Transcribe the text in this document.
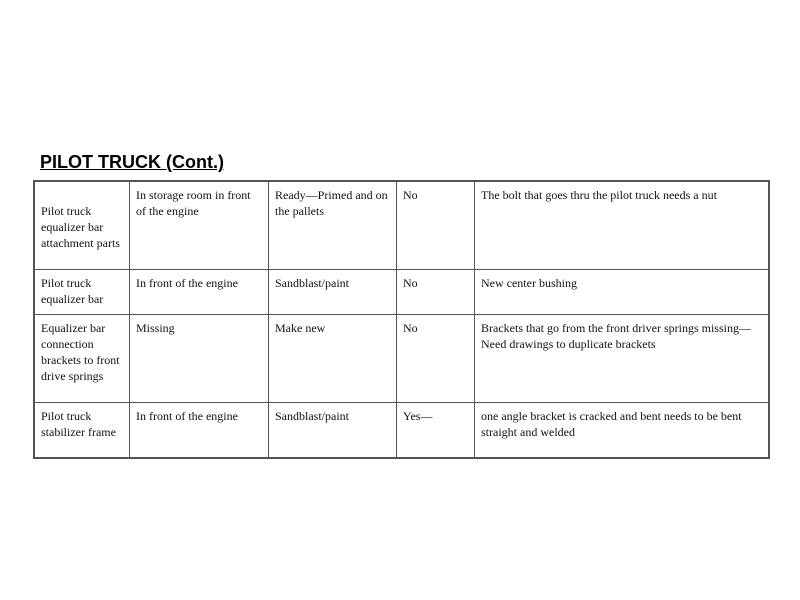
PILOT TRUCK (Cont.)
Pilot truck equalizer bar attachment parts	In storage room in front of the engine	Ready—Primed and on the pallets	No	The bolt that goes thru the pilot truck needs a nut
Pilot truck equalizer bar	In front of the engine	Sandblast/paint	No	New center bushing
Equalizer bar connection brackets to front drive springs	Missing	Make new	No	Brackets that go from the front driver springs missing—Need drawings to duplicate brackets
Pilot truck stabilizer frame	In front of the engine	Sandblast/paint	Yes—	one angle bracket is cracked and bent needs to be bent straight and welded
